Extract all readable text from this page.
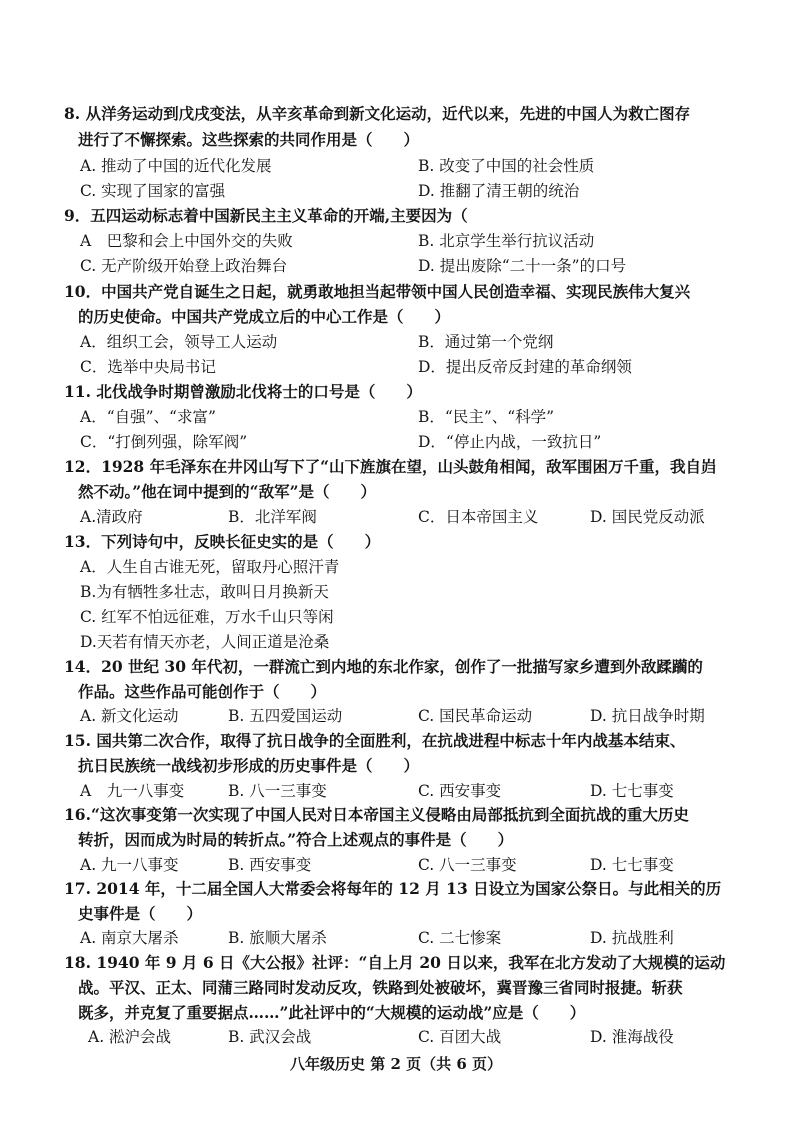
8. 从洋务运动到戊戌变法，从辛亥革命到新文化运动，近代以来，先进的中国人为救亡图存
进行了不懈探索。这些探索的共同作用是（　　）
A. 推动了中国的近代化发展	B. 改变了中国的社会性质
C. 实现了国家的富强	D. 推翻了清王朝的统治
9．五四运动标志着中国新民主主义革命的开端,主要因为（
A　巴黎和会上中国外交的失败	B. 北京学生举行抗议活动
C. 无产阶级开始登上政治舞台	D. 提出废除“二十一条”的口号
10．中国共产党自诞生之日起，就勇敢地担当起带领中国人民创造幸福、实现民族伟大复兴
的历史使命。中国共产党成立后的中心工作是（　　）
A．组织工会，领导工人运动	B．通过第一个党纲
C．选举中央局书记	D．提出反帝反封建的革命纲领
11. 北伐战争时期曾激励北伐将士的口号是（　　）
A．“自强”、“求富”	B．“民主”、“科学”
C．“打倒列强，除军阀”	D．“停止内战，一致抗日”
12．1928 年毛泽东在井冈山写下了“山下旌旗在望，山头鼓角相闻，敌军围困万千重，我自岿
然不动。”他在词中提到的“敌军”是（　　）
A.清政府	B．北洋军阀	C．日本帝国主义	D. 国民党反动派
13．下列诗句中，反映长征史实的是（　　）
A．人生自古谁无死，留取丹心照汗青
B.为有牺牲多壮志，敢叫日月换新天
C. 红军不怕远征难，万水千山只等闲
D.天若有情天亦老，人间正道是沧桑
14．20 世纪 30 年代初，一群流亡到内地的东北作家，创作了一批描写家乡遭到外敌蹂躏的
作品。这些作品可能创作于（　　）
A. 新文化运动	B. 五四爱国运动	C. 国民革命运动	D. 抗日战争时期
15. 国共第二次合作，取得了抗日战争的全面胜利，在抗战进程中标志十年内战基本结束、
抗日民族统一战线初步形成的历史事件是（　　）
A　九一八事变	B. 八一三事变	C. 西安事变	D. 七七事变
16.“这次事变第一次实现了中国人民对日本帝国主义侵略由局部抵抗到全面抗战的重大历史
转折，因而成为时局的转折点。”符合上述观点的事件是（　　）
A. 九一八事变	B. 西安事变	C. 八一三事变	D. 七七事变
17. 2014 年，十二届全国人大常委会将每年的 12 月 13 日设立为国家公祭日。与此相关的历
史事件是（　　）
A. 南京大屠杀	B. 旅顺大屠杀	C. 二七惨案	D. 抗战胜利
18. 1940 年 9 月 6 日《大公报》社评：“自上月 20 日以来，我军在北方发动了大规模的运动
战。平汉、正太、同蒲三路同时发动反攻，铁路到处被破坏，冀晋豫三省同时报捷。斩获
既多，并克复了重要据点……”此社评中的“大规模的运动战”应是（　　）
A. 淞沪会战	B. 武汉会战	C. 百团大战	D. 淮海战役
八年级历史 第 2 页（共 6 页）
